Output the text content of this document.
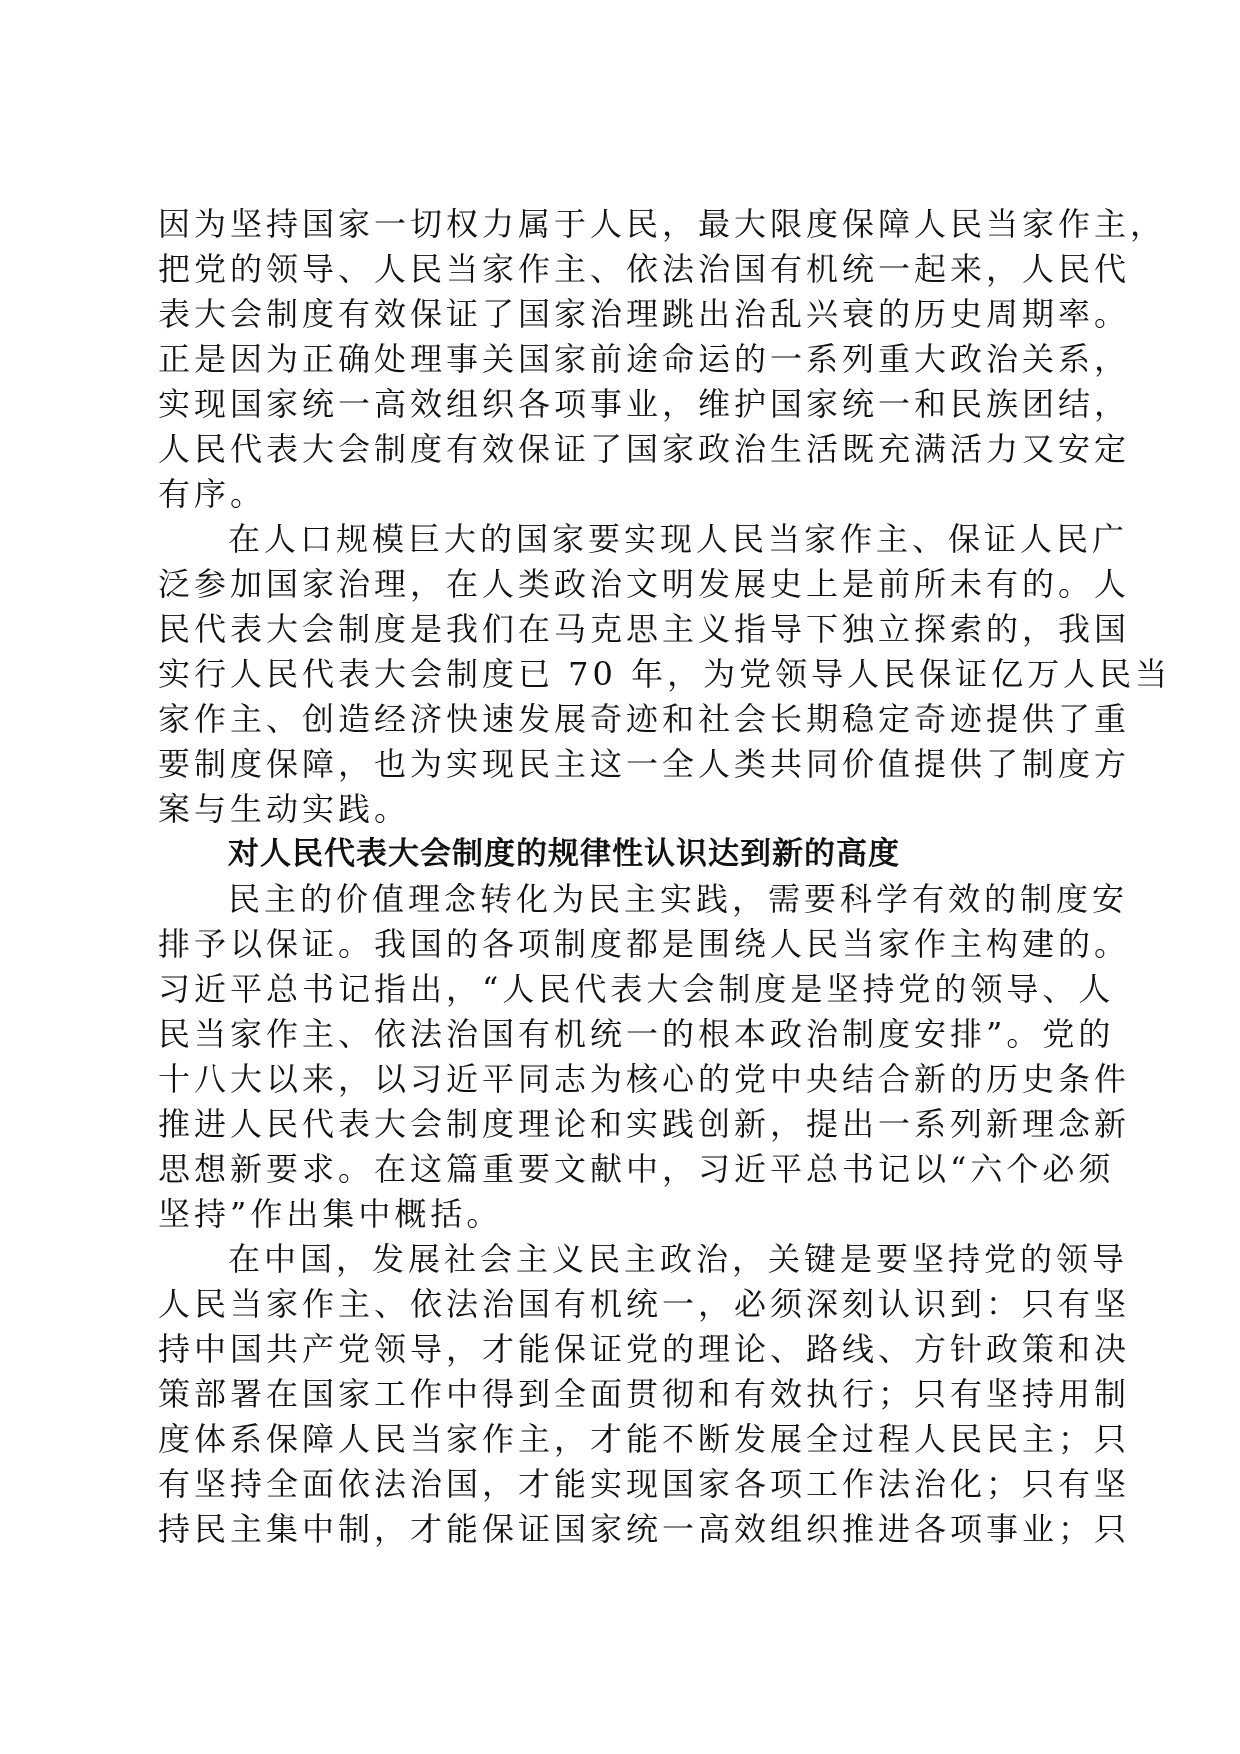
因为坚持国家一切权力属于人民，最大限度保障人民当家作主，
把党的领导、人民当家作主、依法治国有机统一起来，人民代
表大会制度有效保证了国家治理跳出治乱兴衰的历史周期率。
正是因为正确处理事关国家前途命运的一系列重大政治关系，
实现国家统一高效组织各项事业，维护国家统一和民族团结，
人民代表大会制度有效保证了国家政治生活既充满活力又安定
有序。
在人口规模巨大的国家要实现人民当家作主、保证人民广
泛参加国家治理，在人类政治文明发展史上是前所未有的。人
民代表大会制度是我们在马克思主义指导下独立探索的，我国
实行人民代表大会制度已 70 年，为党领导人民保证亿万人民当
家作主、创造经济快速发展奇迹和社会长期稳定奇迹提供了重
要制度保障，也为实现民主这一全人类共同价值提供了制度方
案与生动实践。
对人民代表大会制度的规律性认识达到新的高度
民主的价值理念转化为民主实践，需要科学有效的制度安
排予以保证。我国的各项制度都是围绕人民当家作主构建的。
习近平总书记指出，“人民代表大会制度是坚持党的领导、人
民当家作主、依法治国有机统一的根本政治制度安排”。党的
十八大以来，以习近平同志为核心的党中央结合新的历史条件
推进人民代表大会制度理论和实践创新，提出一系列新理念新
思想新要求。在这篇重要文献中，习近平总书记以“六个必须
坚持”作出集中概括。
在中国，发展社会主义民主政治，关键是要坚持党的领导
人民当家作主、依法治国有机统一，必须深刻认识到：只有坚
持中国共产党领导，才能保证党的理论、路线、方针政策和决
策部署在国家工作中得到全面贯彻和有效执行；只有坚持用制
度体系保障人民当家作主，才能不断发展全过程人民民主；只
有坚持全面依法治国，才能实现国家各项工作法治化；只有坚
持民主集中制，才能保证国家统一高效组织推进各项事业；只
